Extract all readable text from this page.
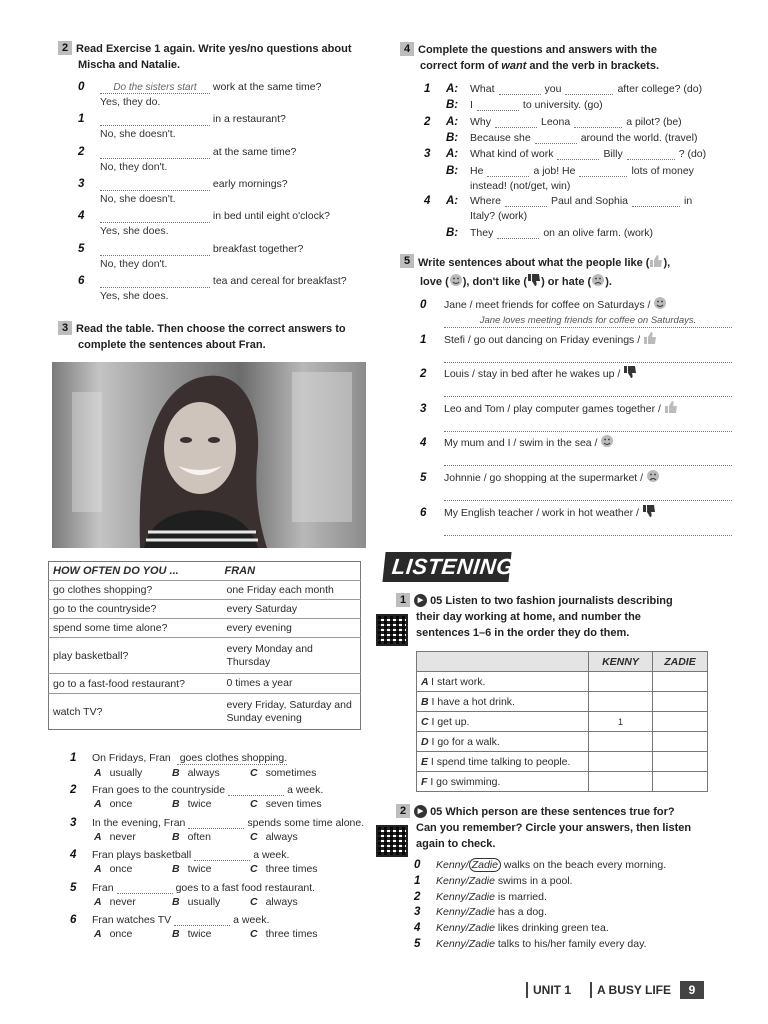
2 Read Exercise 1 again. Write yes/no questions about
Mischa and Natalie.
0	Do the sisters start work at the same time?
Yes, they do.
1	in a restaurant?
No, she doesn't.
2	at the same time?
No, they don't.
3	early mornings?
No, she doesn't.
4	in bed until eight o'clock?
Yes, she does.
5	breakfast together?
No, they don't.
6	tea and cereal for breakfast?
Yes, she does.
3 Read the table. Then choose the correct answers to
complete the sentences about Fran.
HOW OFTEN DO YOU ...	FRAN
go clothes shopping?	one Friday each month
go to the countryside?	every Saturday
spend some time alone?	every evening
play basketball?	every Monday and Thursday
go to a fast-food restaurant?	0 times a year
watch TV?	every Friday, Saturday and Sunday evening
1 On Fridays, Fran goes clothes shopping.
A usually	B always	C sometimes
2 Fran goes to the countryside	a week.
A once	B twice	C seven times
3 In the evening, Fran	spends some time alone.
A never	B often	C always
4 Fran plays basketball	a week.
A once	B twice	C three times
5 Fran	goes to a fast food restaurant.
A never	B usually	C always
6 Fran watches TV	a week.
A once	B twice	C three times
4 Complete the questions and answers with the
correct form of want and the verb in brackets.
1 A: What	you	after college? (do)
B: I	to university. (go)
2 A: Why	Leona	a pilot? (be)
B: Because she	around the world. (travel)
3 A: What kind of work	Billy	? (do)
B: He	a job! He	lots of money
instead! (not/get, win)
4 A: Where	Paul and Sophia	in
Italy? (work)
B: They	on an olive farm. (work)
5 Write sentences about what the people like ( ),
love ( ), don't like ( ) or hate ( ).
0 Jane / meet friends for coffee on Saturdays /
Jane loves meeting friends for coffee on Saturdays.
1 Stefi / go out dancing on Friday evenings /
2 Louis / stay in bed after he wakes up /
3 Leo and Tom / play computer games together /
4 My mum and I / swim in the sea /
5 Johnnie / go shopping at the supermarket /
6 My English teacher / work in hot weather /
LISTENING
1 ▶ 05 Listen to two fashion journalists describing
their day working at home, and number the
sentences 1–6 in the order they do them.
	KENNY	ZADIE
A I start work.		
B I have a hot drink.		
C I get up.	1	
D I go for a walk.		
E I spend time talking to people.		
F I go swimming.		
2 ▶ 05 Which person are these sentences true for?
Can you remember? Circle your answers, then listen
again to check.
0 Kenny/ Zadie walks on the beach every morning.
1 Kenny/Zadie swims in a pool.
2 Kenny/Zadie is married.
3 Kenny/Zadie has a dog.
4 Kenny/Zadie likes drinking green tea.
5 Kenny/Zadie talks to his/her family every day.
UNIT 1	A BUSY LIFE	9
